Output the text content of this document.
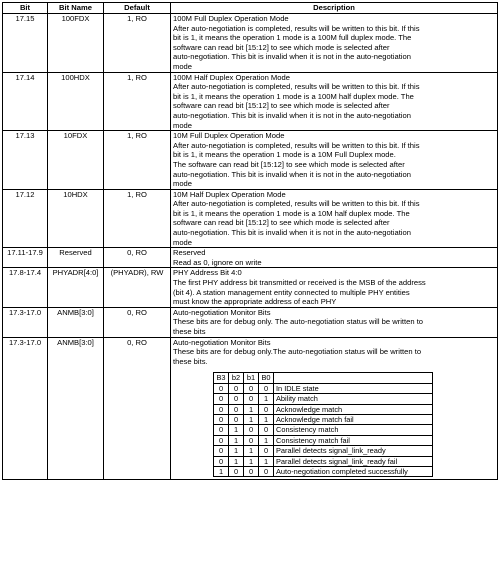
Bit	Bit Name	Default	Description
17.15	100FDX	1, RO	100M Full Duplex Operation Mode
After auto-negotiation is completed, results will be written to this bit. If this
bit is 1, it means the operation 1 mode is a 100M full duplex mode. The
software can read bit [15:12] to see which mode is selected after
auto-negotiation. This bit is invalid when it is not in the auto-negotiation
mode

17.14	100HDX	1, RO	100M Half Duplex Operation Mode
After auto-negotiation is completed, results will be written to this bit. If this
bit is 1, it means the operation 1 mode is a 100M half duplex mode. The
software can read bit [15:12] to see which mode is selected after
auto-negotiation. This bit is invalid when it is not in the auto-negotiation
mode

17.13	10FDX	1, RO	10M Full Duplex Operation Mode
After auto-negotiation is completed, results will be written to this bit. If this
bit is 1, it means the operation 1 mode is a 10M Full Duplex mode.
The software can read bit [15:12] to see which mode is selected after
auto-negotiation. This bit is invalid when it is not in the auto-negotiation
mode

17.12	10HDX	1, RO	10M Half Duplex Operation Mode
After auto-negotiation is completed, results will be written to this bit. If this
bit is 1, it means the operation 1 mode is a 10M half duplex mode. The
software can read bit [15:12] to see which mode is selected after
auto-negotiation. This bit is invalid when it is not in the auto-negotiation
mode

17.11-17.9	Reserved	0, RO	Reserved
Read as 0, ignore on write

17.8-17.4	PHYADR[4:0]	(PHYADR), RW	PHY Address Bit 4:0
The first PHY address bit transmitted or received is the MSB of the address
(bit 4). A station management entity connected to multiple PHY entities
must know the appropriate address of each PHY

17.3-17.0	ANMB[3:0]	0, RO	Auto-negotiation Monitor Bits
These bits are for debug only. The auto-negotiation status will be written to
these bits

17.3-17.0	ANMB[3:0]	0, RO	Auto-negotiation Monitor Bits
These bits are for debug only.The auto-negotiation status will be written to
these bits.
B3	b2	b1	B0	
0	0	0	0	In IDLE state
0	0	0	1	Ability match
0	0	1	0	Acknowledge match
0	0	1	1	Acknowledge match fail
0	1	0	0	Consistency match
0	1	0	1	Consistency match fail
0	1	1	0	Parallel detects signal_link_ready
0	1	1	1	Parallel detects signal_link_ready fail
1	0	0	0	Auto-negotiation completed successfully
